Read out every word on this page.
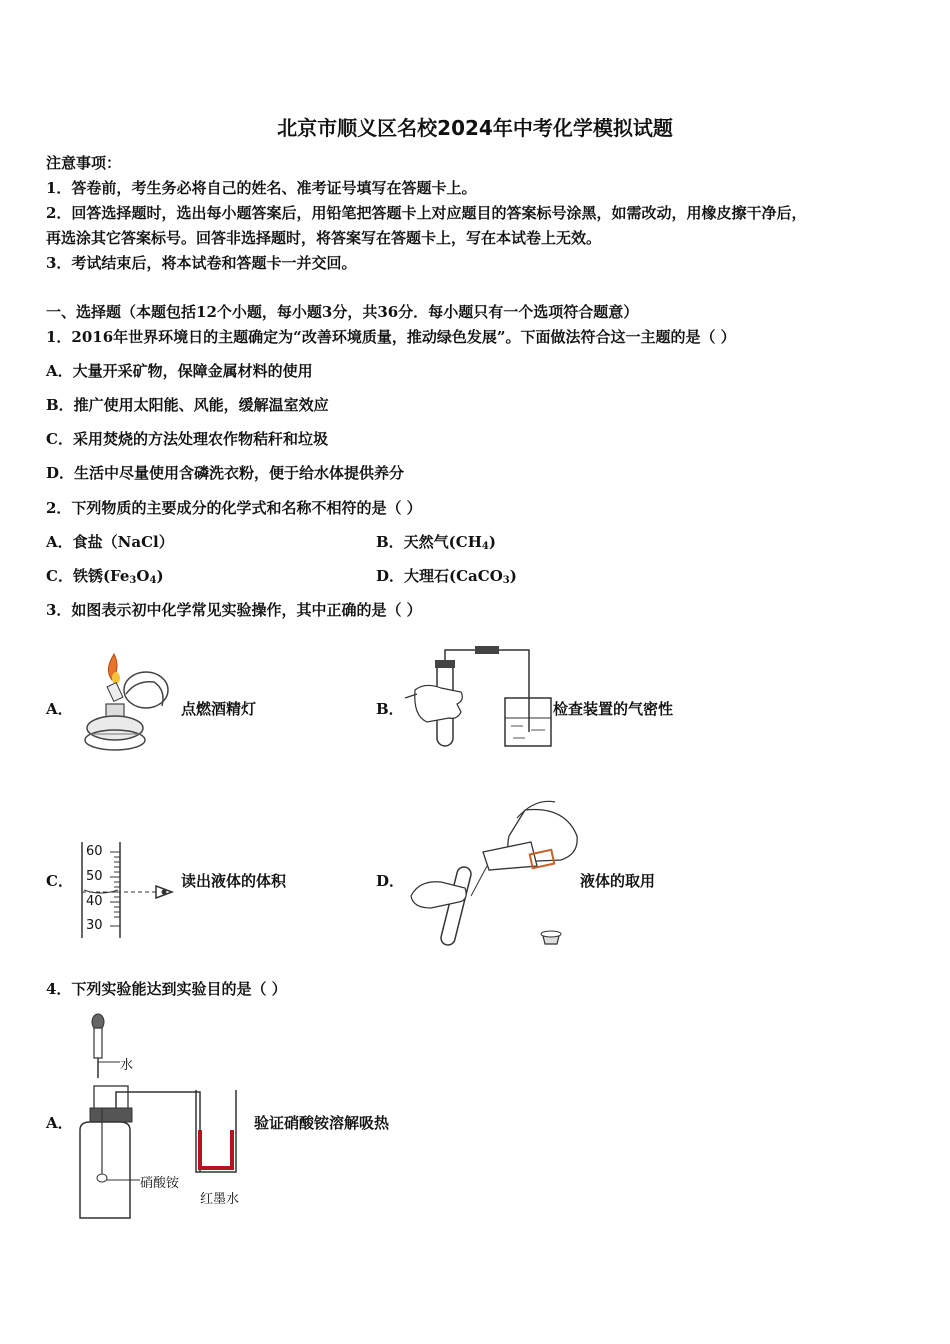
北京市顺义区名校2024年中考化学模拟试题
注意事项：
1．答卷前，考生务必将自己的姓名、准考证号填写在答题卡上。
2．回答选择题时，选出每小题答案后，用铅笔把答题卡上对应题目的答案标号涂黑，如需改动，用橡皮擦干净后，
再选涂其它答案标号。回答非选择题时，将答案写在答题卡上，写在本试卷上无效。
3．考试结束后，将本试卷和答题卡一并交回。
一、选择题（本题包括12个小题，每小题3分，共36分．每小题只有一个选项符合题意）
1．2016年世界环境日的主题确定为“改善环境质量，推动绿色发展”。下面做法符合这一主题的是（ ）
A．大量开采矿物，保障金属材料的使用
B．推广使用太阳能、风能，缓解温室效应
C．采用焚烧的方法处理农作物秸秆和垃圾
D．生活中尽量使用含磷洗衣粉，便于给水体提供养分
2．下列物质的主要成分的化学式和名称不相符的是（ ）
A．食盐（NaCl）	B．天然气$(CH_4)$
C．铁锈$(Fe_3O_4)$	D．大理石(CaCO$_3$)
3．如图表示初中化学常见实验操作，其中正确的是（ ）
A．	点燃酒精灯	B．	检查装置的气密性
C．
60
50
40
30
读出液体的体积	D．	液体的取用
4．下列实验能达到实验目的是（ ）
A．
水
硝酸铵
红墨水
验证硝酸铵溶解吸热
